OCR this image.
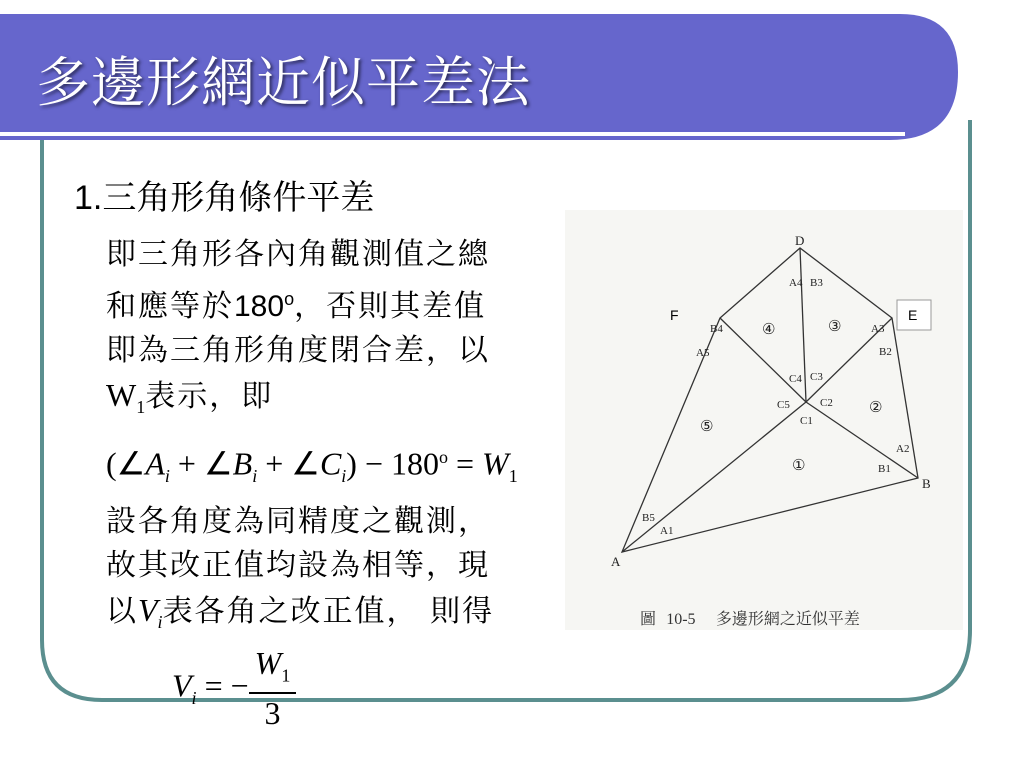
多邊形網近似平差法
1.三角形角條件平差
即三角形各內角觀測值之總
和應等於180$^o$，否則其差值
即為三角形角度閉合差，以
$W_1$表示，即
($\angle A_i$ + $\angle B_i$ + $\angle C_i) - 180^o = W_1$
設各角度為同精度之觀測，
故其改正值均設為相等，現
以$V_i$表各角之改正值， 則得
$V_i$ = − $\frac{W_1}{3}$
D
A
B
F	E
A4 B3
B4	A3
A5	B2
C4 C3
C5	C2
C1
A2
B1
B5
A1
①
②
③
④
⑤
圖 10-5 多邊形網之近似平差
